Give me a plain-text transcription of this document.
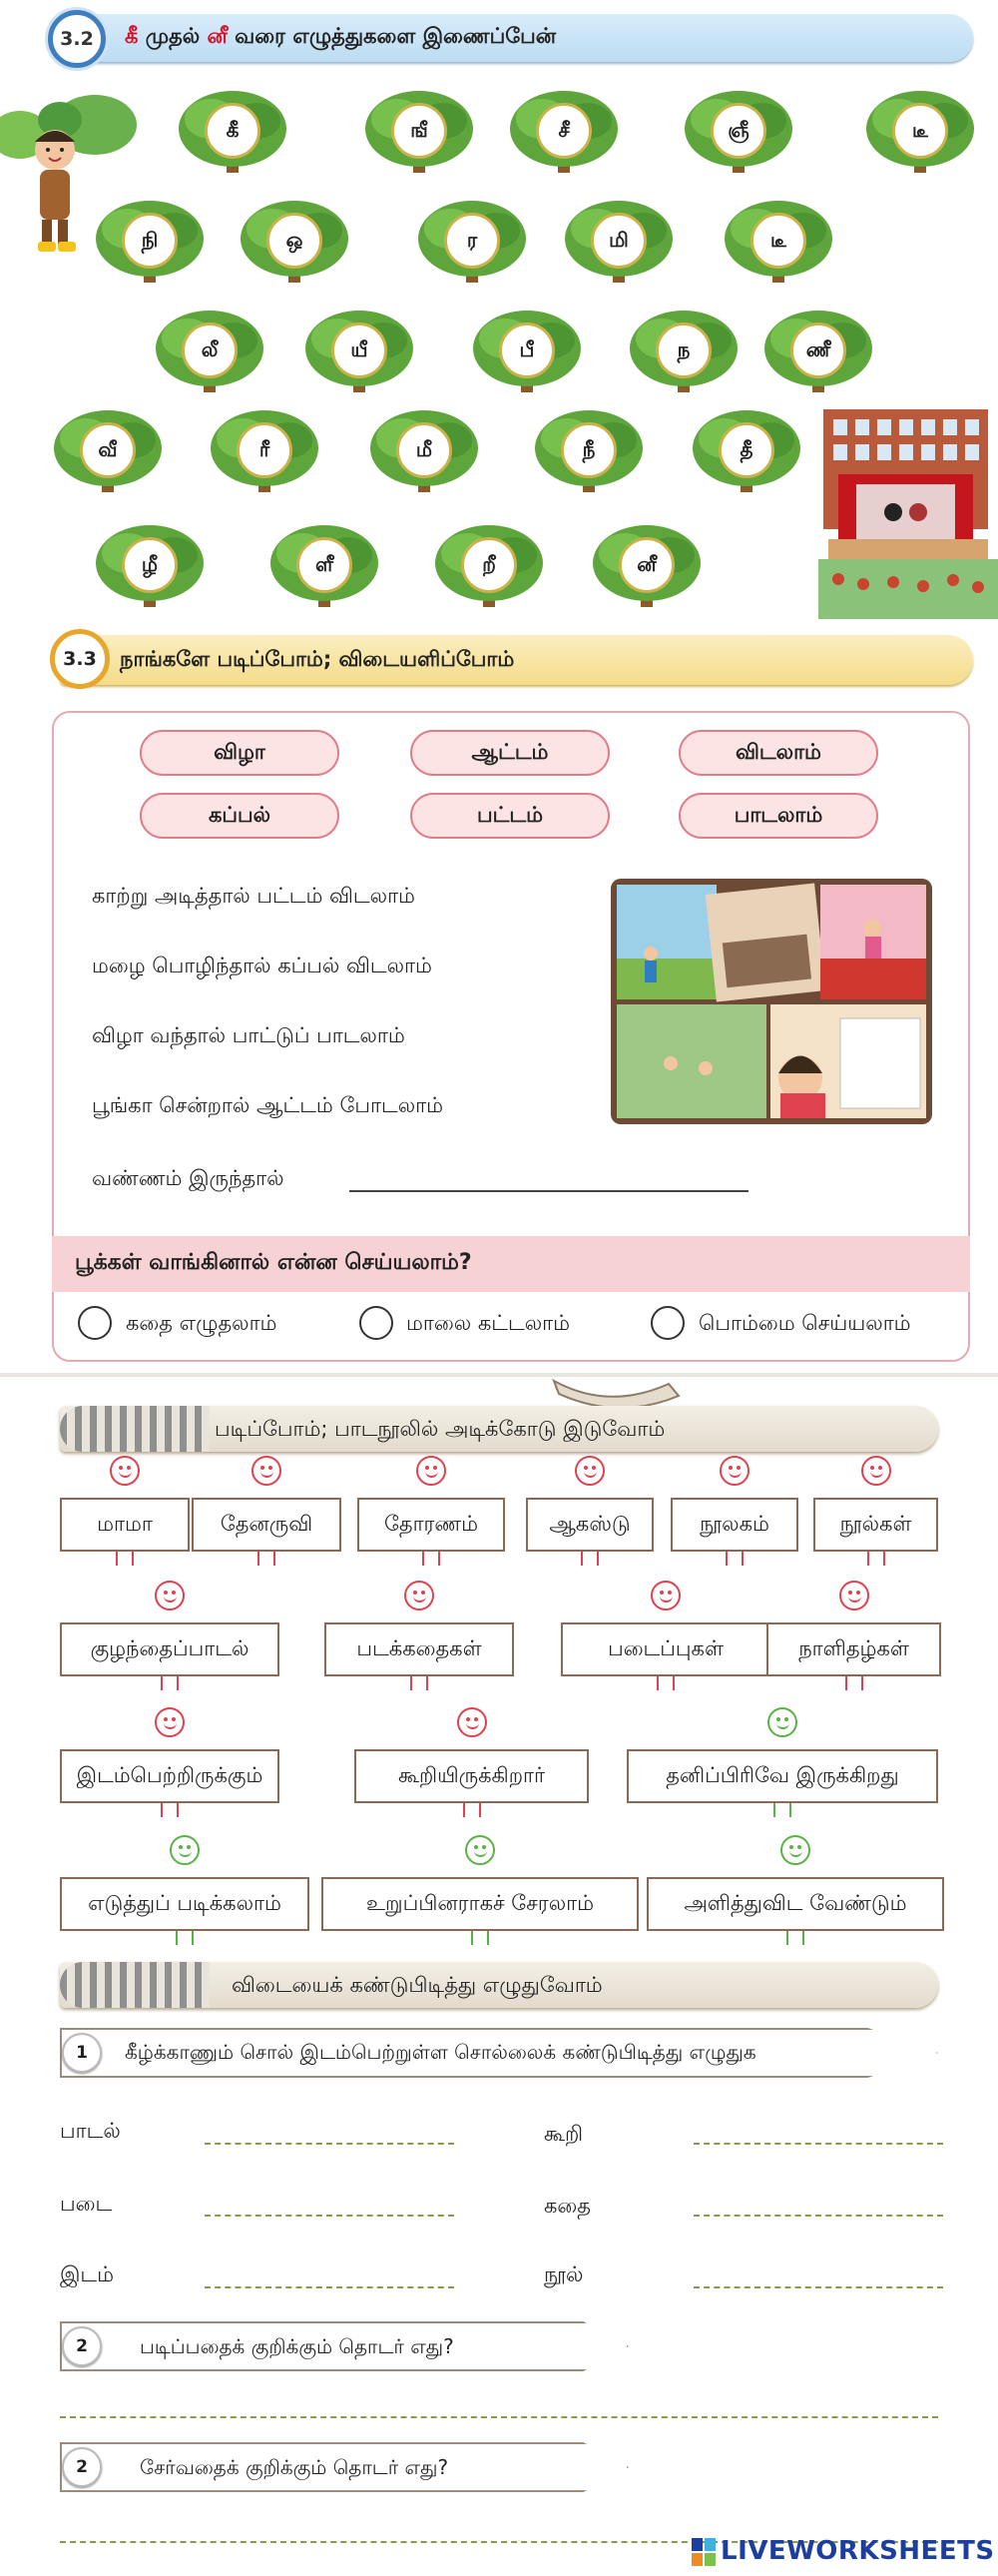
3.2	கீ முதல் னீ வரை எழுத்துகளை இணைப்பேன்
கீ	ஙீ	சீ	ஞீ	டீ
நி	ஒ	ர	மி	டீ
லீ	யீ	பீ	ந	ணீ
வீ	ரீ	மீ	நீ	தீ
ழீ	ளீ	றீ	னீ
3.3	நாங்களே படிப்போம்; விடையளிப்போம்
விழா	ஆட்டம்	விடலாம்
கப்பல்	பட்டம்	பாடலாம்
காற்று அடித்தால் பட்டம் விடலாம்
மழை பொழிந்தால் கப்பல் விடலாம்
விழா வந்தால் பாட்டுப் பாடலாம்
பூங்கா சென்றால் ஆட்டம் போடலாம்
வண்ணம் இருந்தால்
பூக்கள் வாங்கினால் என்ன செய்யலாம்?
கதை எழுதலாம்	மாலை கட்டலாம்	பொம்மை செய்யலாம்
படிப்போம்; பாடநூலில் அடிக்கோடு இடுவோம்
மாமா	தேனருவி	தோரணம்	ஆகஸ்டு	நூலகம்	நூல்கள்
குழந்தைப்பாடல்	படக்கதைகள்	படைப்புகள்	நாளிதழ்கள்
இடம்பெற்றிருக்கும்	கூறியிருக்கிறார்	தனிப்பிரிவே இருக்கிறது
எடுத்துப் படிக்கலாம்	உறுப்பினராகச் சேரலாம்	அளித்துவிட வேண்டும்
விடையைக் கண்டுபிடித்து எழுதுவோம்
1	கீழ்க்காணும் சொல் இடம்பெற்றுள்ள சொல்லைக் கண்டுபிடித்து எழுதுக
பாடல்	கூறி
படை	கதை
இடம்	நூல்
2	படிப்பதைக் குறிக்கும் தொடர் எது?
2	சேர்வதைக் குறிக்கும் தொடர் எது?
LIVEWORKSHEETS
